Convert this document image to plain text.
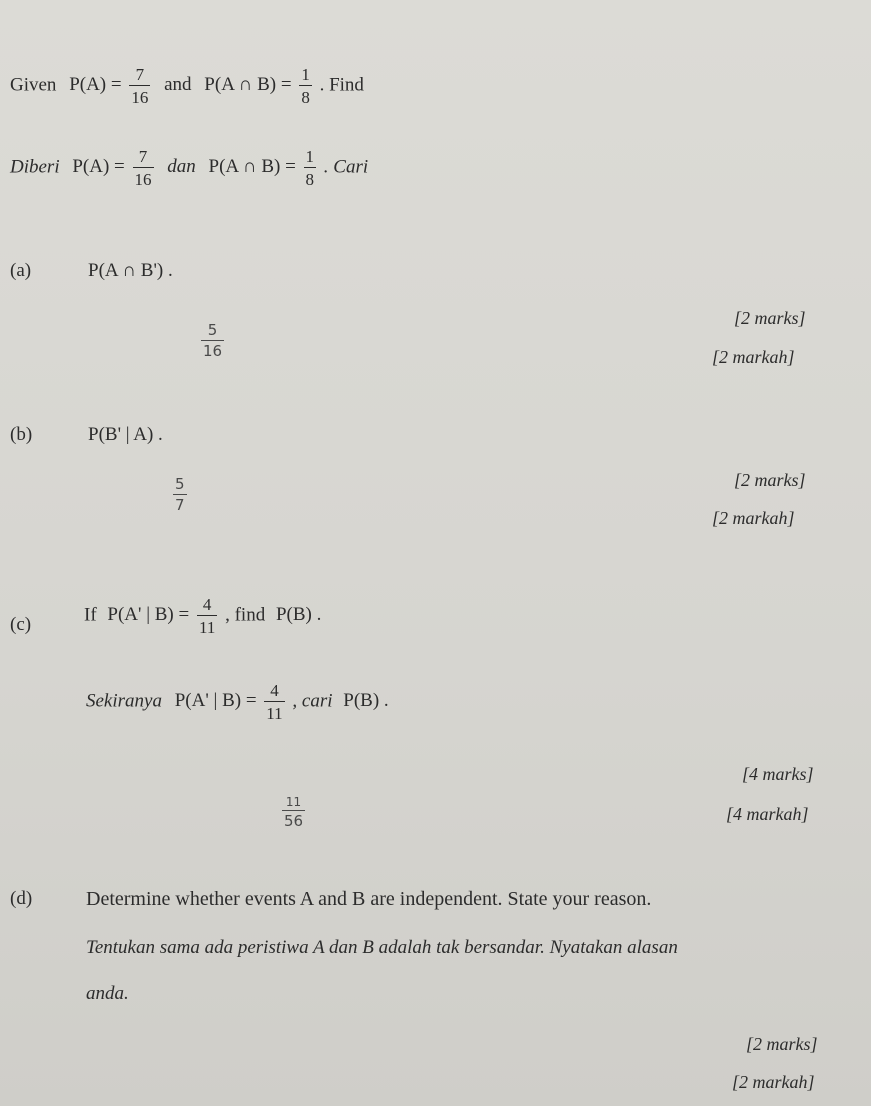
Given $P(A) = \frac{7}{16}$ and P(A ∩ $B) = \frac{1}{8}$ . Find
Diberi $P(A) = \frac{7}{16}$ dan P(A ∩ $B) = \frac{1}{8}$ . Cari
(a)	P(A ∩ B') .
[2 marks]
[2 markah]
$\frac{5}{16}$
(b)	P(B' | A) .
[2 marks]
[2 markah]
$\frac{5}{7}$
(c)	If P(A' | $B) = \frac{4}{11}$ , find P(B) .
Sekiranya P(A' | $B) = \frac{4}{11}$ , cari P(B) .
[4 marks]
[4 markah]
$\frac{11}{56}$
(d)	Determine whether events A and B are independent. State your reason.
Tentukan sama ada peristiwa A dan B adalah tak bersandar. Nyatakan alasan
anda.
[2 marks]
[2 markah]
